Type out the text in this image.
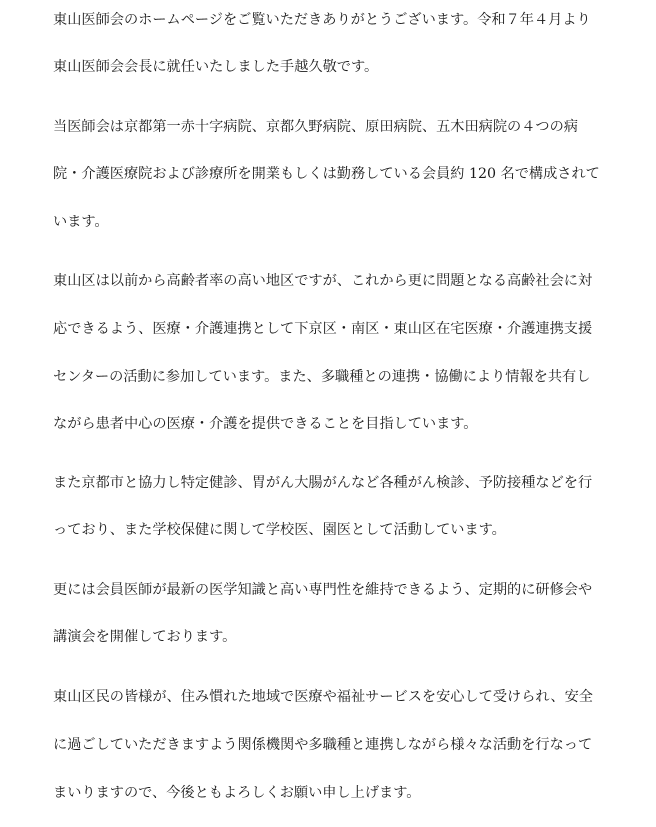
東山医師会のホームページをご覧いただきありがとうございます。令和７年４月より

東山医師会会長に就任いたしました手越久敬です。

当医師会は京都第一赤十字病院、京都久野病院、原田病院、五木田病院の４つの病

院・介護医療院および診療所を開業もしくは勤務している会員約 120 名で構成されて

います。

東山区は以前から高齢者率の高い地区ですが、これから更に問題となる高齢社会に対

応できるよう、医療・介護連携として下京区・南区・東山区在宅医療・介護連携支援

センターの活動に参加しています。また、多職種との連携・協働により情報を共有し

ながら患者中心の医療・介護を提供できることを目指しています。

また京都市と協力し特定健診、胃がん大腸がんなど各種がん検診、予防接種などを行

っており、また学校保健に関して学校医、園医として活動しています。

更には会員医師が最新の医学知識と高い専門性を維持できるよう、定期的に研修会や

講演会を開催しております。

東山区民の皆様が、住み慣れた地域で医療や福祉サービスを安心して受けられ、安全

に過ごしていただきますよう関係機関や多職種と連携しながら様々な活動を行なって

まいりますので、今後ともよろしくお願い申し上げます。
